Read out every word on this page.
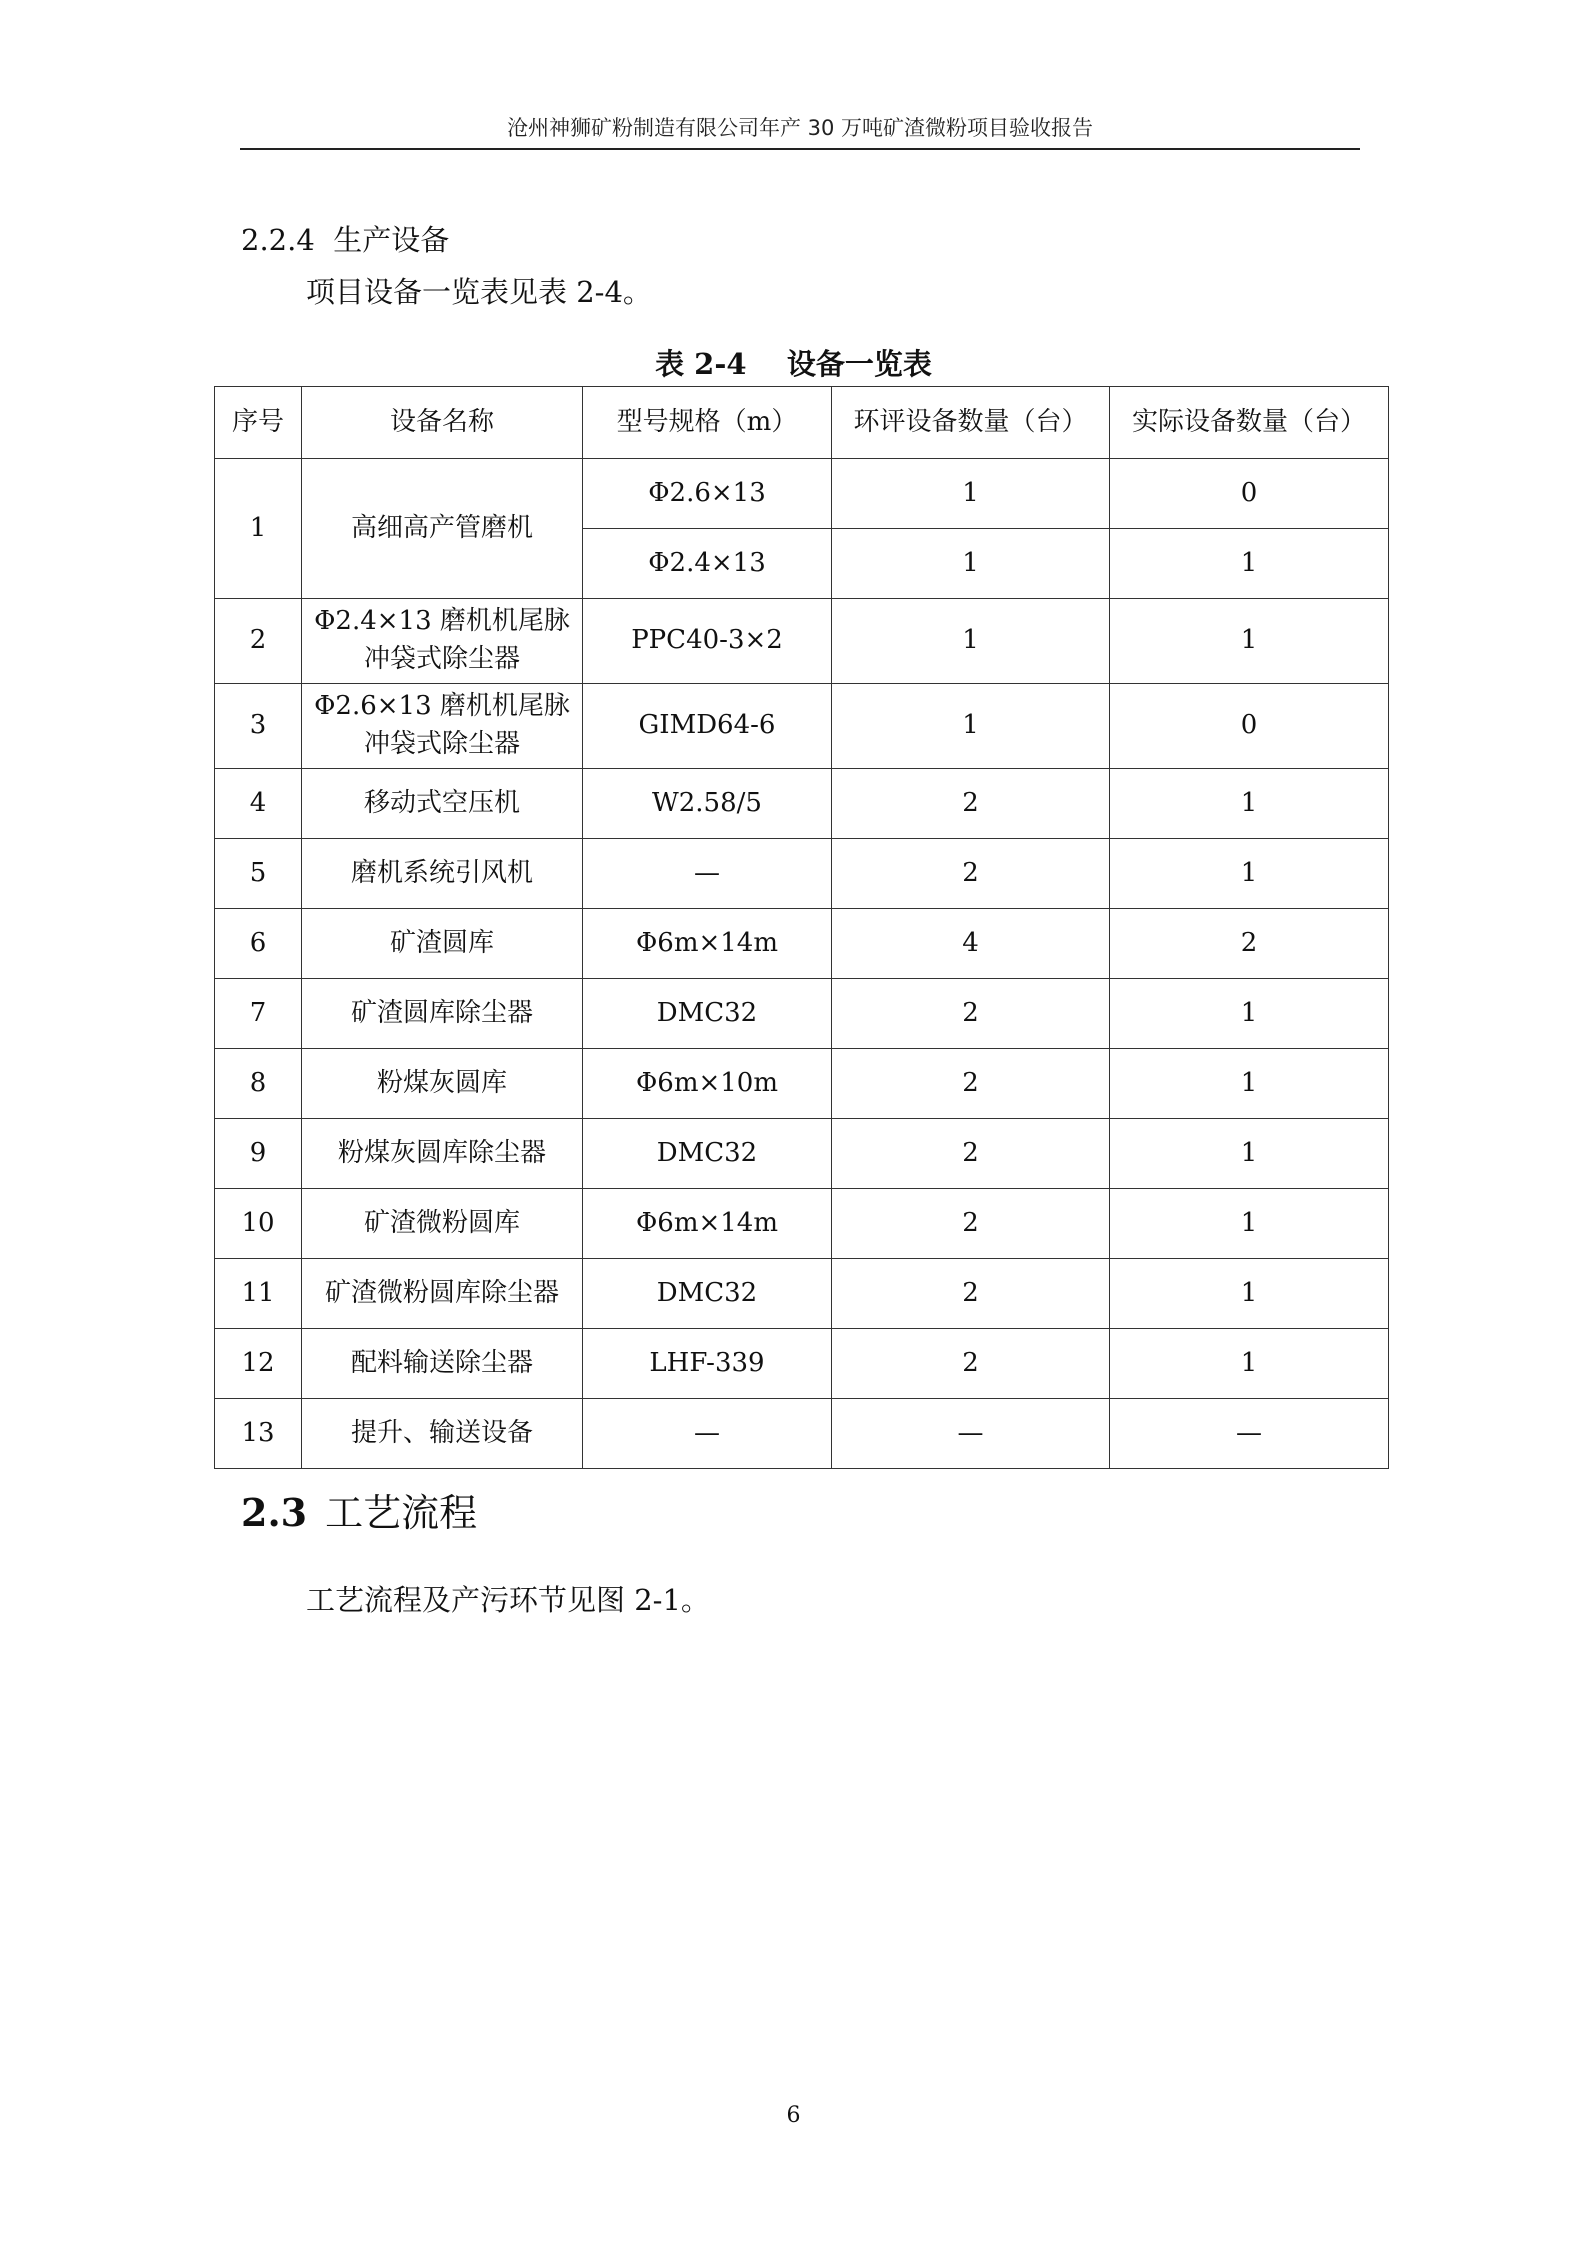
沧州神狮矿粉制造有限公司年产 30 万吨矿渣微粉项目验收报告
2.2.4  生产设备
项目设备一览表见表 2-4。
表 2-4    设备一览表
序号	设备名称	型号规格（m）	环评设备数量（台）	实际设备数量（台）
1	高细高产管磨机	Φ2.6×13	1	0
		Φ2.4×13	1	1
2	Φ2.4×13 磨机机尾脉冲袋式除尘器	PPC40-3×2	1	1
3	Φ2.6×13 磨机机尾脉冲袋式除尘器	GIMD64-6	1	0
4	移动式空压机	W2.58/5	2	1
5	磨机系统引风机	—	2	1
6	矿渣圆库	Φ6m×14m	4	2
7	矿渣圆库除尘器	DMC32	2	1
8	粉煤灰圆库	Φ6m×10m	2	1
9	粉煤灰圆库除尘器	DMC32	2	1
10	矿渣微粉圆库	Φ6m×14m	2	1
11	矿渣微粉圆库除尘器	DMC32	2	1
12	配料输送除尘器	LHF-339	2	1
13	提升、输送设备	—	—	—
2.3 工艺流程
工艺流程及产污环节见图 2-1。
6
